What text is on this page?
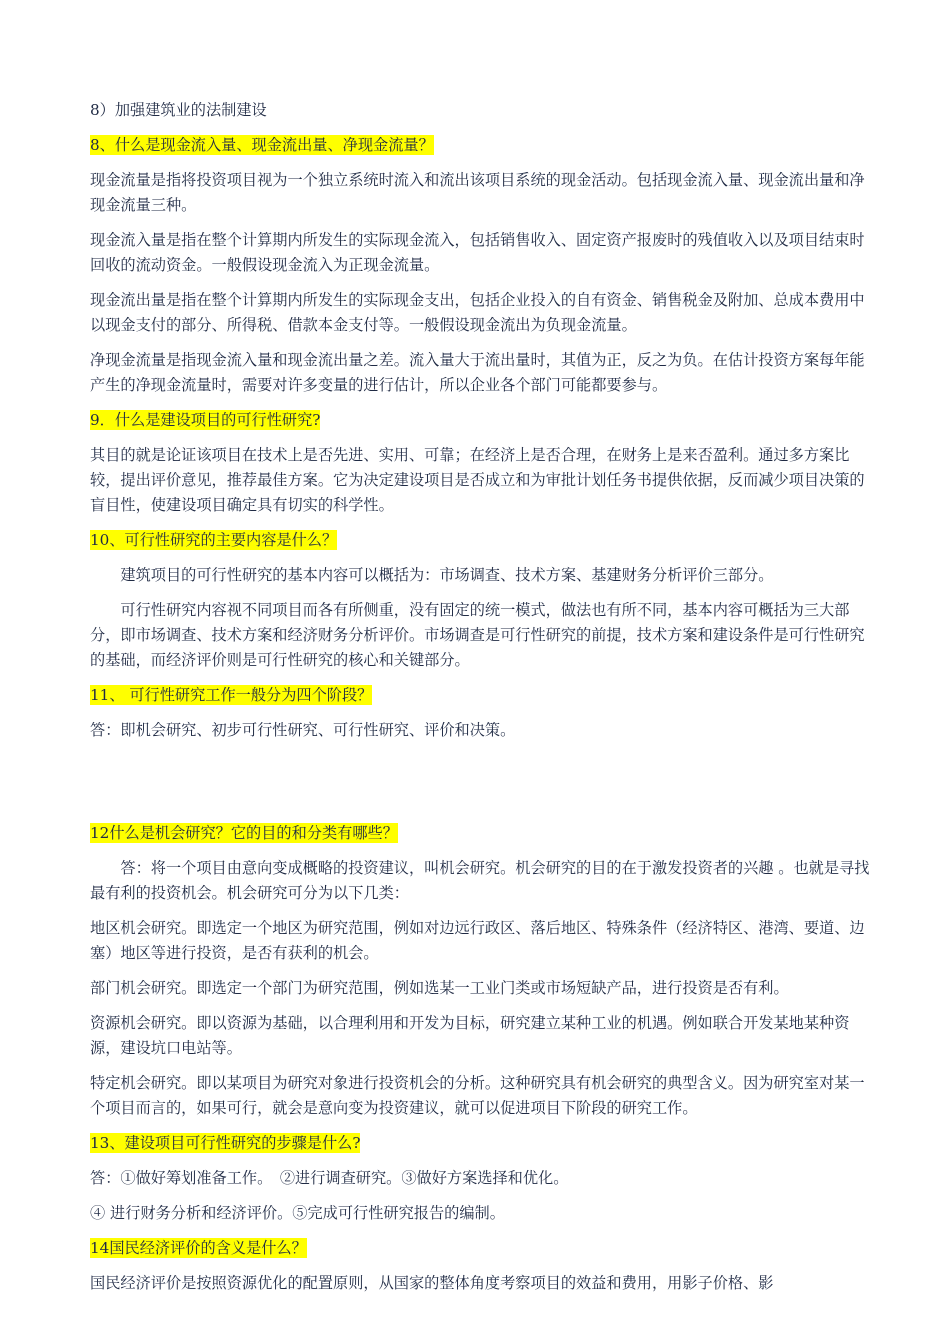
8）加强建筑业的法制建设

8、什么是现金流入量、现金流出量、净现金流量？

现金流量是指将投资项目视为一个独立系统时流入和流出该项目系统的现金活动。包括现金流入量、现金流出量和净现金流量三种。

现金流入量是指在整个计算期内所发生的实际现金流入，包括销售收入、固定资产报废时的残值收入以及项目结束时回收的流动资金。一般假设现金流入为正现金流量。

现金流出量是指在整个计算期内所发生的实际现金支出，包括企业投入的自有资金、销售税金及附加、总成本费用中以现金支付的部分、所得税、借款本金支付等。一般假设现金流出为负现金流量。

净现金流量是指现金流入量和现金流出量之差。流入量大于流出量时，其值为正，反之为负。在估计投资方案每年能产生的净现金流量时，需要对许多变量的进行估计，所以企业各个部门可能都要参与。

9．什么是建设项目的可行性研究?

其目的就是论证该项目在技术上是否先进、实用、可靠；在经济上是否合理，在财务上是来否盈利。通过多方案比较，提出评价意见，推荐最佳方案。它为决定建设项目是否成立和为审批计划任务书提供依据，反而减少项目决策的盲目性，使建设项目确定具有切实的科学性。

10、可行性研究的主要内容是什么？

建筑项目的可行性研究的基本内容可以概括为：市场调查、技术方案、基建财务分析评价三部分。

可行性研究内容视不同项目而各有所侧重，没有固定的统一模式，做法也有所不同，基本内容可概括为三大部分，即市场调查、技术方案和经济财务分析评价。市场调查是可行性研究的前提，技术方案和建设条件是可行性研究的基础，而经济评价则是可行性研究的核心和关键部分。

11、 可行性研究工作一般分为四个阶段？

答：即机会研究、初步可行性研究、可行性研究、评价和决策。

12什么是机会研究？它的目的和分类有哪些？

答：将一个项目由意向变成概略的投资建议，叫机会研究。机会研究的目的在于激发投资者的兴趣 。也就是寻找最有利的投资机会。机会研究可分为以下几类：

地区机会研究。即选定一个地区为研究范围，例如对边远行政区、落后地区、特殊条件（经济特区、港湾、要道、边塞）地区等进行投资，是否有获利的机会。

部门机会研究。即选定一个部门为研究范围，例如选某一工业门类或市场短缺产品，进行投资是否有利。

资源机会研究。即以资源为基础，以合理利用和开发为目标，研究建立某种工业的机遇。例如联合开发某地某种资源，建设坑口电站等。

特定机会研究。即以某项目为研究对象进行投资机会的分析。这种研究具有机会研究的典型含义。因为研究室对某一个项目而言的，如果可行，就会是意向变为投资建议，就可以促进项目下阶段的研究工作。

13、建设项目可行性研究的步骤是什么?

答：①做好筹划准备工作。　②进行调查研究。③做好方案选择和优化。

④ 进行财务分析和经济评价。⑤完成可行性研究报告的编制。

14国民经济评价的含义是什么？

国民经济评价是按照资源优化的配置原则，从国家的整体角度考察项目的效益和费用，用影子价格、影
